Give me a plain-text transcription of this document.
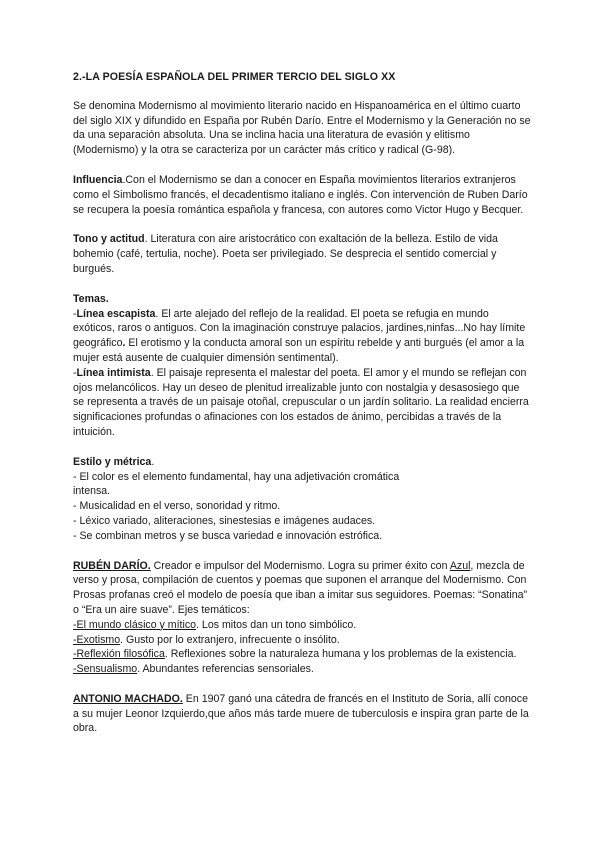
2.-LA POESÍA ESPAÑOLA DEL PRIMER TERCIO DEL SIGLO XX

Se denomina Modernismo al movimiento literario nacido en Hispanoamérica en el último cuarto del siglo XIX y difundido en España por Rubén Darío. Entre el Modernismo y la Generación no se da una separación absoluta. Una se inclina hacia una literatura de evasión y elitismo (Modernismo) y la otra se caracteriza por un carácter más crítico y radical (G-98).

Influencia.Con el Modernismo se dan a conocer en España movimientos literarios extranjeros como el Simbolismo francés, el decadentismo italiano e inglés. Con intervención de Ruben Darío se recupera la poesía romántica española y francesa, con autores como Victor Hugo y Becquer.

Tono y actitud. Literatura con aire aristocrático con exaltación de la belleza. Estilo de vida bohemio (café, tertulia, noche). Poeta ser privilegiado. Se desprecia el sentido comercial y burgués.

Temas.

-Línea escapista. El arte alejado del reflejo de la realidad. El poeta se refugia en mundo exóticos, raros o antiguos. Con la imaginación construye palacios, jardines,ninfas...No hay límite geográfico. El erotismo y la conducta amoral son un espíritu rebelde y anti burgués (el amor a la mujer está ausente de cualquier dimensión sentimental).

-Línea intimista. El paisaje representa el malestar del poeta. El amor y el mundo se reflejan con ojos melancólicos. Hay un deseo de plenitud irrealizable junto con nostalgia y desasosiego que se representa a través de un paisaje otoñal, crepuscular o un jardín solitario. La realidad encierra significaciones profundas o afinaciones con los estados de ánimo, percibidas a través de la intuición.

Estilo y métrica.
- El color es el elemento fundamental, hay una adjetivación cromática
intensa.
- Musicalidad en el verso, sonoridad y ritmo.
- Léxico variado, aliteraciones, sinestesias e imágenes audaces.
- Se combinan metros y se busca variedad e innovación estrófica.

RUBÉN DARÍO. Creador e impulsor del Modernismo. Logra su primer éxito con Azul, mezcla de verso y prosa, compilación de cuentos y poemas que suponen el arranque del Modernismo. Con Prosas profanas creó el modelo de poesía que iban a imitar sus seguidores. Poemas: “Sonatina” o “Era un aire suave”. Ejes temáticos:

-El mundo clásico y mítico. Los mitos dan un tono simbólico.
-Exotismo. Gusto por lo extranjero, infrecuente o insólito.
-Reflexión filosófica. Reflexiones sobre la naturaleza humana y los problemas de la existencia.
-Sensualismo. Abundantes referencias sensoriales.

ANTONIO MACHADO. En 1907 ganó una cátedra de francés en el Instituto de Soria, allí conoce a su mujer Leonor Izquierdo,que años más tarde muere de tuberculosis e inspira gran parte de la obra.
